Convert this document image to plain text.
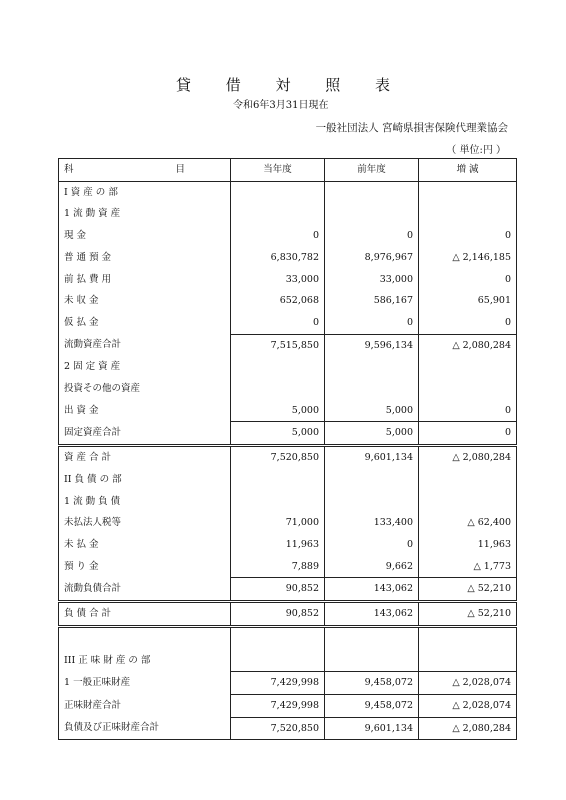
貸 借 対 照 表
令和6年3月31日現在
一般社団法人 宮崎県損害保険代理業協会
（ 単位:円 ）
科 目	当年度	前年度	増 減
I 資 産 の 部			
1 流 動 資 産			
現 金	0	0	0
普 通 預 金	6,830,782	8,976,967	△ 2,146,185
前 払 費 用	33,000	33,000	0
未 収 金	652,068	586,167	65,901
仮 払 金	0	0	0
流動資産合計	7,515,850	9,596,134	△ 2,080,284
2 固 定 資 産			
投資その他の資産			
出 資 金	5,000	5,000	0
固定資産合計	5,000	5,000	0
資 産 合 計	7,520,850	9,601,134	△ 2,080,284
II 負 債 の 部			
1 流 動 負 債			
未払法人税等	71,000	133,400	△ 62,400
未 払 金	11,963	0	11,963
預 り 金	7,889	9,662	△ 1,773
流動負債合計	90,852	143,062	△ 52,210
負 債 合 計	90,852	143,062	△ 52,210

III 正 味 財 産 の 部			
1 一般正味財産	7,429,998	9,458,072	△ 2,028,074
正味財産合計	7,429,998	9,458,072	△ 2,028,074
負債及び正味財産合計	7,520,850	9,601,134	△ 2,080,284
